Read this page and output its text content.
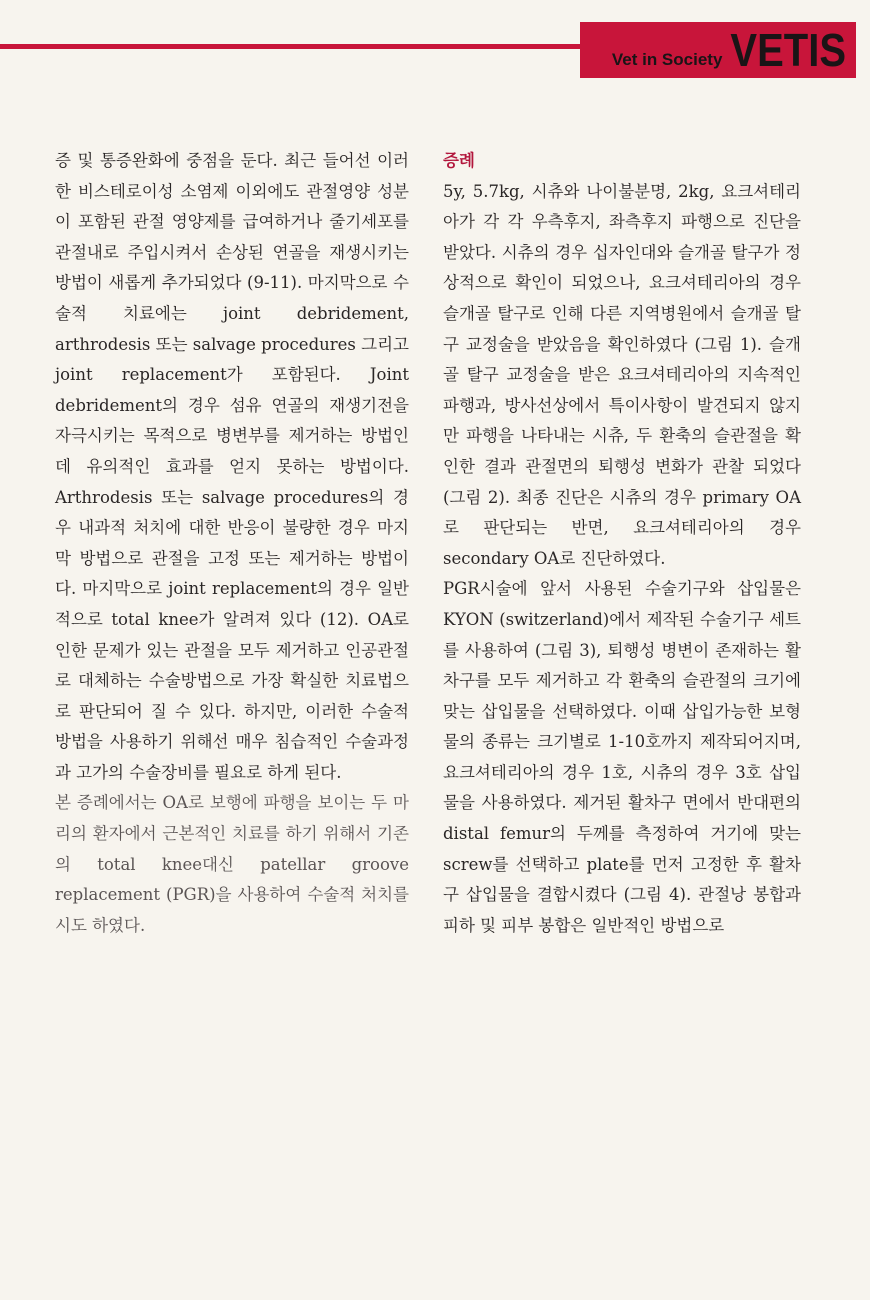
Vet in Society VETIS

증 및 통증완화에 중점을 둔다. 최근 들어선 이러한 비스테로이성 소염제 이외에도 관절영양 성분이 포함된 관절 영양제를 급여하거나 줄기세포를 관절내로 주입시켜서 손상된 연골을 재생시키는 방법이 새롭게 추가되었다 (9-11). 마지막으로 수술적 치료에는 joint debridement, arthrodesis 또는 salvage procedures 그리고 joint replacement가 포함된다. Joint debridement의 경우 섬유 연골의 재생기전을 자극시키는 목적으로 병변부를 제거하는 방법인데 유의적인 효과를 얻지 못하는 방법이다. Arthrodesis 또는 salvage procedures의 경우 내과적 처치에 대한 반응이 불량한 경우 마지막 방법으로 관절을 고정 또는 제거하는 방법이다. 마지막으로 joint replacement의 경우 일반적으로 total knee가 알려져 있다 (12). OA로 인한 문제가 있는 관절을 모두 제거하고 인공관절로 대체하는 수술방법으로 가장 확실한 치료법으로 판단되어 질 수 있다. 하지만, 이러한 수술적 방법을 사용하기 위해선 매우 침습적인 수술과정과 고가의 수술장비를 필요로 하게 된다.

본 증례에서는 OA로 보행에 파행을 보이는 두 마리의 환자에서 근본적인 치료를 하기 위해서 기존의 total knee대신 patellar groove replacement (PGR)을 사용하여 수술적 처치를 시도 하였다.

증례

5y, 5.7kg, 시츄와 나이불분명, 2kg, 요크셔테리아가 각 각 우측후지, 좌측후지 파행으로 진단을 받았다. 시츄의 경우 십자인대와 슬개골 탈구가 정상적으로 확인이 되었으나, 요크셔테리아의 경우 슬개골 탈구로 인해 다른 지역병원에서 슬개골 탈구 교정술을 받았음을 확인하였다 (그림 1). 슬개골 탈구 교정술을 받은 요크셔테리아의 지속적인 파행과, 방사선상에서 특이사항이 발견되지 않지만 파행을 나타내는 시츄, 두 환축의 슬관절을 확인한 결과 관절면의 퇴행성 변화가 관찰 되었다 (그림 2). 최종 진단은 시츄의 경우 primary OA로 판단되는 반면, 요크셔테리아의 경우 secondary OA로 진단하였다.

PGR시술에 앞서 사용된 수술기구와 삽입물은 KYON (switzerland)에서 제작된 수술기구 세트를 사용하여 (그림 3), 퇴행성 병변이 존재하는 활차구를 모두 제거하고 각 환축의 슬관절의 크기에 맞는 삽입물을 선택하였다. 이때 삽입가능한 보형물의 종류는 크기별로 1-10호까지 제작되어지며, 요크셔테리아의 경우 1호, 시츄의 경우 3호 삽입물을 사용하였다. 제거된 활차구 면에서 반대편의 distal femur의 두께를 측정하여 거기에 맞는 screw를 선택하고 plate를 먼저 고정한 후 활차구 삽입물을 결합시켰다 (그림 4). 관절낭 봉합과 피하 및 피부 봉합은 일반적인 방법으로
